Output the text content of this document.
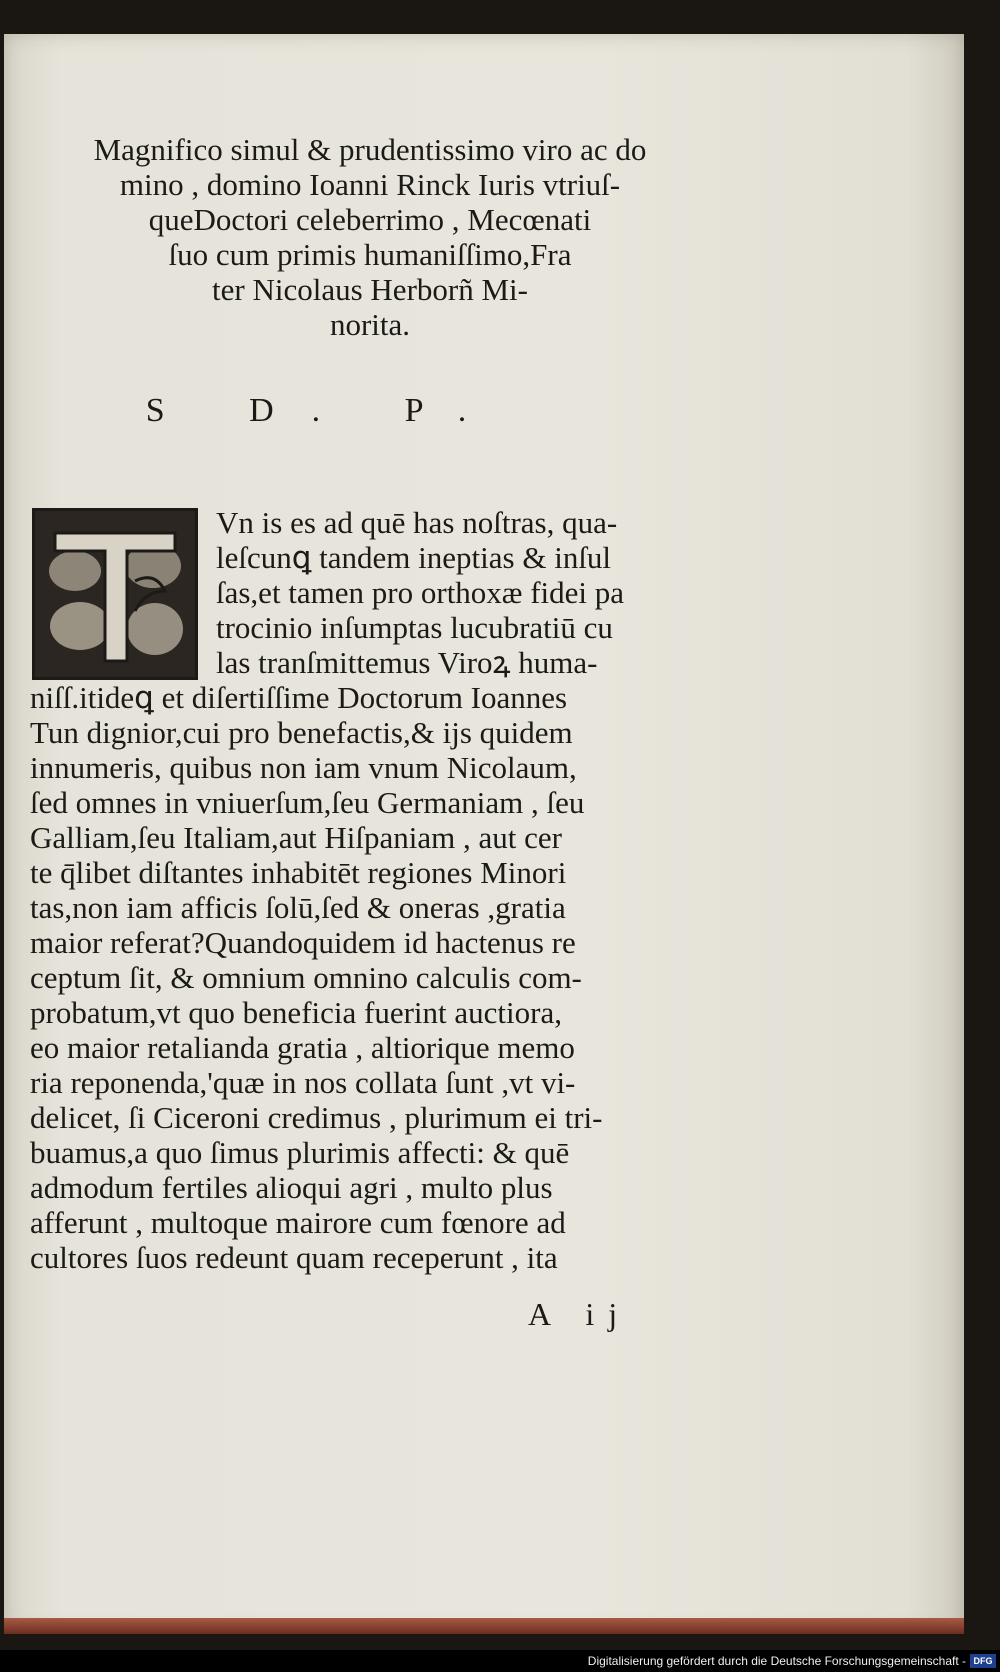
Magnifico simul & prudentissimo viro ac do
mino , domino Ioanni Rinck Iuris vtriuſ-
queDoctori celeberrimo , Mecœnati
ſuo cum primis humaniſſimo,Fra
ter Nicolaus Herborñ Mi-
norita.
S D. P.
Vn is es ad quē has noſtras, qua-
leſcunꝗ tandem ineptias & inſul
ſas,et tamen pro orthoxæ fidei pa
trocinio inſumptas lucubratiū cu
las tranſmittemus Viroꝝ huma-
niſſ.itideꝗ et diſertiſſime Doctorum Ioannes
Tun dignior,cui pro benefactis,& ijs quidem
innumeris, quibus non iam vnum Nicolaum,
ſed omnes in vniuerſum,ſeu Germaniam , ſeu
Galliam,ſeu Italiam,aut Hiſpaniam , aut cer
te q̄libet diſtantes inhabitēt regiones Minori
tas,non iam afficis ſolū,ſed & oneras ,gratia
maior referat?Quandoquidem id hactenus re
ceptum ſit, & omnium omnino calculis com-
probatum,vt quo beneficia fuerint auctiora,
eo maior retalianda gratia , altiorique memo
ria reponenda,'quæ in nos collata ſunt ,vt vi-
delicet, ſi Ciceroni credimus , plurimum ei tri-
buamus,a quo ſimus plurimis affecti: & quē
admodum fertiles alioqui agri , multo plus
afferunt , multoque mairore cum fœnore ad
cultores ſuos redeunt quam receperunt , ita
A ij
Digitalisierung gefördert durch die Deutsche Forschungsgemeinschaft - DFG
